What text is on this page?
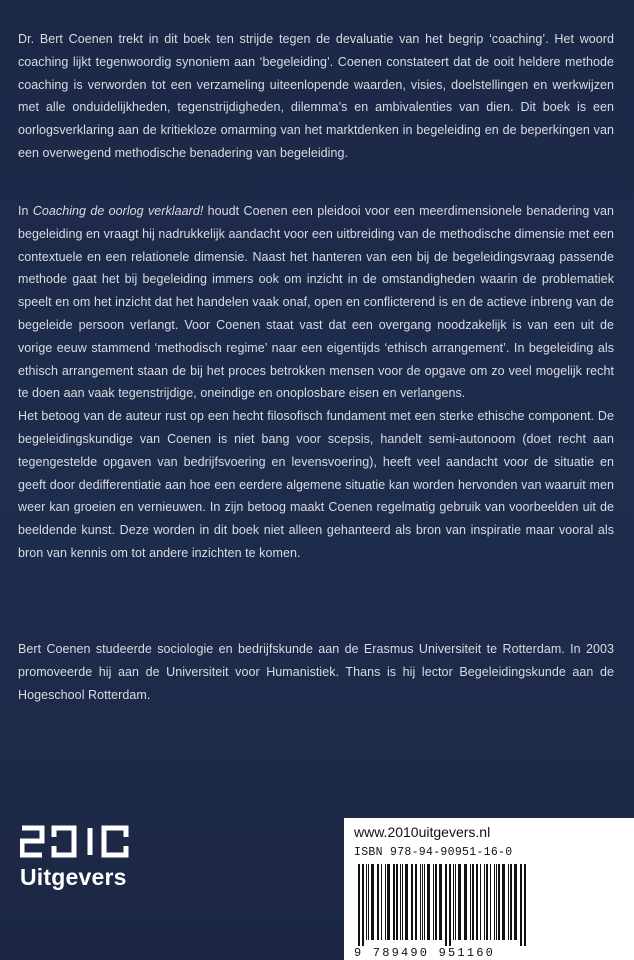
Dr. Bert Coenen trekt in dit boek ten strijde tegen de devaluatie van het begrip ‘coaching’. Het woord coaching lijkt tegenwoordig synoniem aan ‘begeleiding’. Coenen constateert dat de ooit heldere methode coaching is verworden tot een verzameling uiteenlopende waarden, visies, doelstellingen en werkwijzen met alle onduidelijkheden, tegenstrijdigheden, dilemma’s en ambivalenties van dien. Dit boek is een oorlogsverklaring aan de kritiekloze omarming van het marktdenken in begeleiding en de beperkingen van een overwegend methodische benadering van begeleiding.

In Coaching de oorlog verklaard! houdt Coenen een pleidooi voor een meerdimensionele benadering van begeleiding en vraagt hij nadrukkelijk aandacht voor een uitbreiding van de methodische dimensie met een contextuele en een relationele dimensie. Naast het hanteren van een bij de begeleidingsvraag passende methode gaat het bij begeleiding immers ook om inzicht in de omstandigheden waarin de problematiek speelt en om het inzicht dat het handelen vaak onaf, open en conflicterend is en de actieve inbreng van de begeleide persoon verlangt. Voor Coenen staat vast dat een overgang noodzakelijk is van een uit de vorige eeuw stammend ‘methodisch regime’ naar een eigentijds ‘ethisch arrangement’. In begeleiding als ethisch arrangement staan de bij het proces betrokken mensen voor de opgave om zo veel mogelijk recht te doen aan vaak tegenstrijdige, oneindige en onoplosbare eisen en verlangens.

Het betoog van de auteur rust op een hecht filosofisch fundament met een sterke ethische component. De begeleidingskundige van Coenen is niet bang voor scepsis, handelt semi-autonoom (doet recht aan tegengestelde opgaven van bedrijfsvoering en levensvoering), heeft veel aandacht voor de situatie en geeft door dedifferentiatie aan hoe een eerdere algemene situatie kan worden hervonden van waaruit men weer kan groeien en vernieuwen. In zijn betoog maakt Coenen regelmatig gebruik van voorbeelden uit de beeldende kunst. Deze worden in dit boek niet alleen gehanteerd als bron van inspiratie maar vooral als bron van kennis om tot andere inzichten te komen.

Bert Coenen studeerde sociologie en bedrijfskunde aan de Erasmus Universiteit te Rotterdam. In 2003 promoveerde hij aan de Universiteit voor Humanistiek. Thans is hij lector Begeleidingskunde aan de Hogeschool Rotterdam.

Uitgevers
www.2010uitgevers.nl
ISBN 978-94-90951-16-0
9 789490 951160
